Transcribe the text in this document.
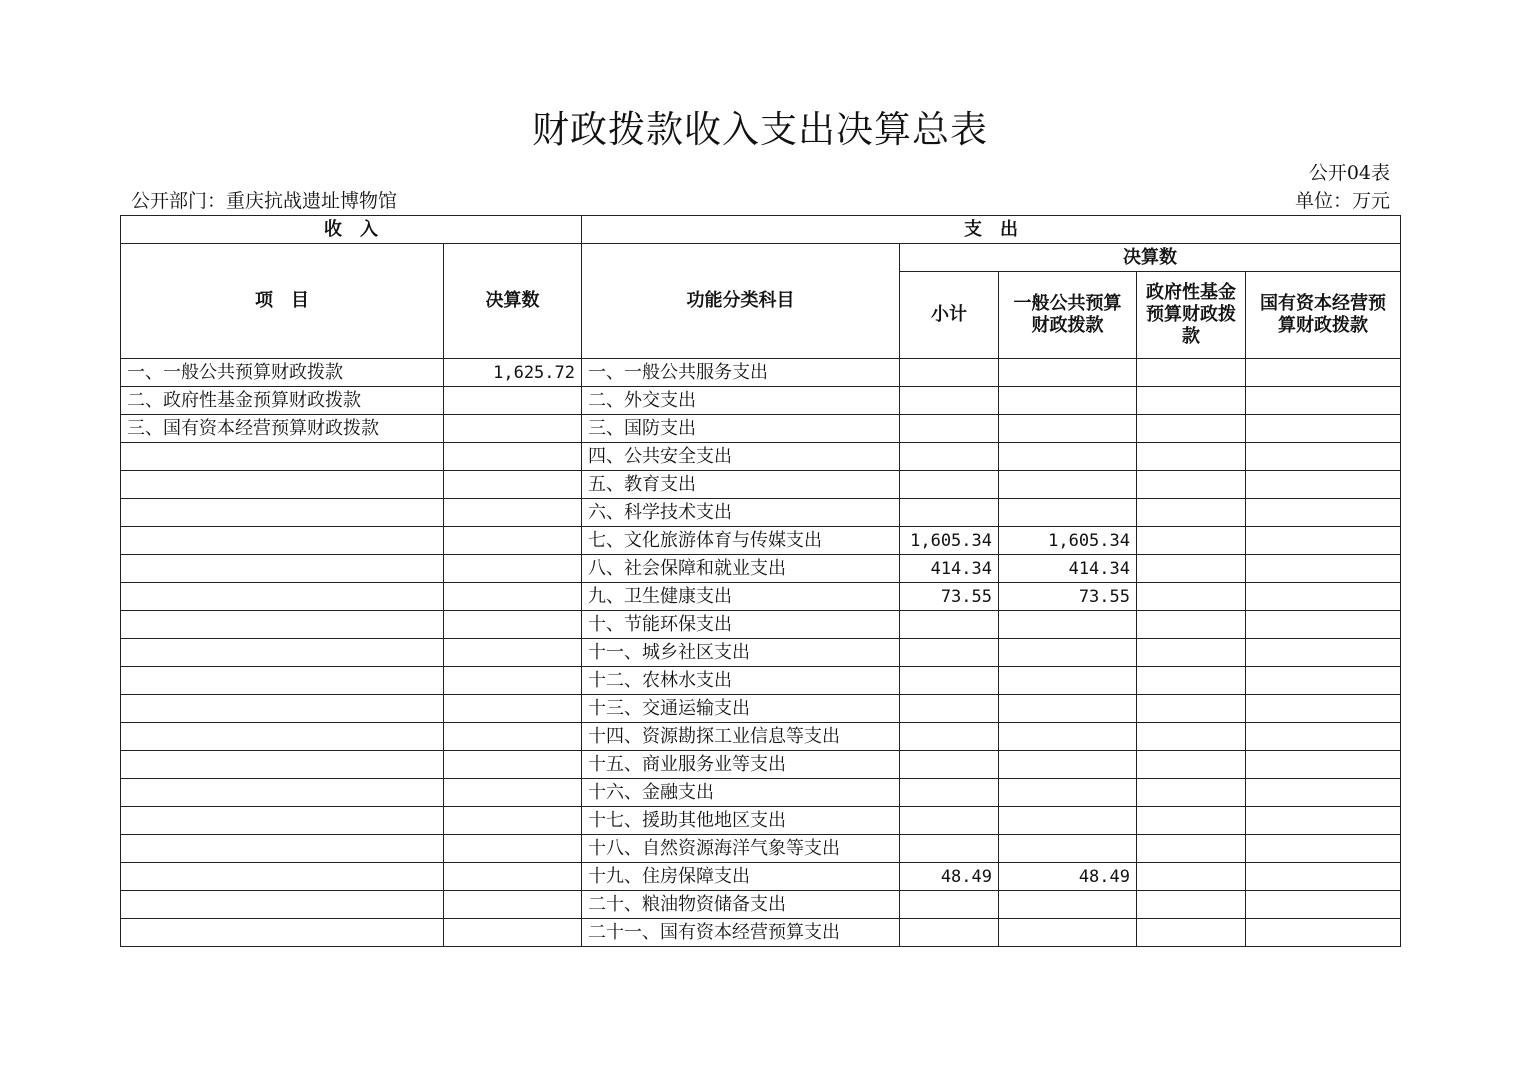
财政拨款收入支出决算总表
公开04表
公开部门：重庆抗战遗址博物馆	单位：万元
收　入		支　出				
项　目	决算数	功能分类科目	决算数			
			小计	一般公共预算财政拨款	政府性基金预算财政拨款	国有资本经营预算财政拨款
一、一般公共预算财政拨款	1,625.72	一、一般公共服务支出				
二、政府性基金预算财政拨款		二、外交支出				
三、国有资本经营预算财政拨款		三、国防支出				
		四、公共安全支出				
		五、教育支出				
		六、科学技术支出				
		七、文化旅游体育与传媒支出	1,605.34	1,605.34		
		八、社会保障和就业支出	414.34	414.34		
		九、卫生健康支出	73.55	73.55		
		十、节能环保支出				
		十一、城乡社区支出				
		十二、农林水支出				
		十三、交通运输支出				
		十四、资源勘探工业信息等支出				
		十五、商业服务业等支出				
		十六、金融支出				
		十七、援助其他地区支出				
		十八、自然资源海洋气象等支出				
		十九、住房保障支出	48.49	48.49		
		二十、粮油物资储备支出				
		二十一、国有资本经营预算支出				
